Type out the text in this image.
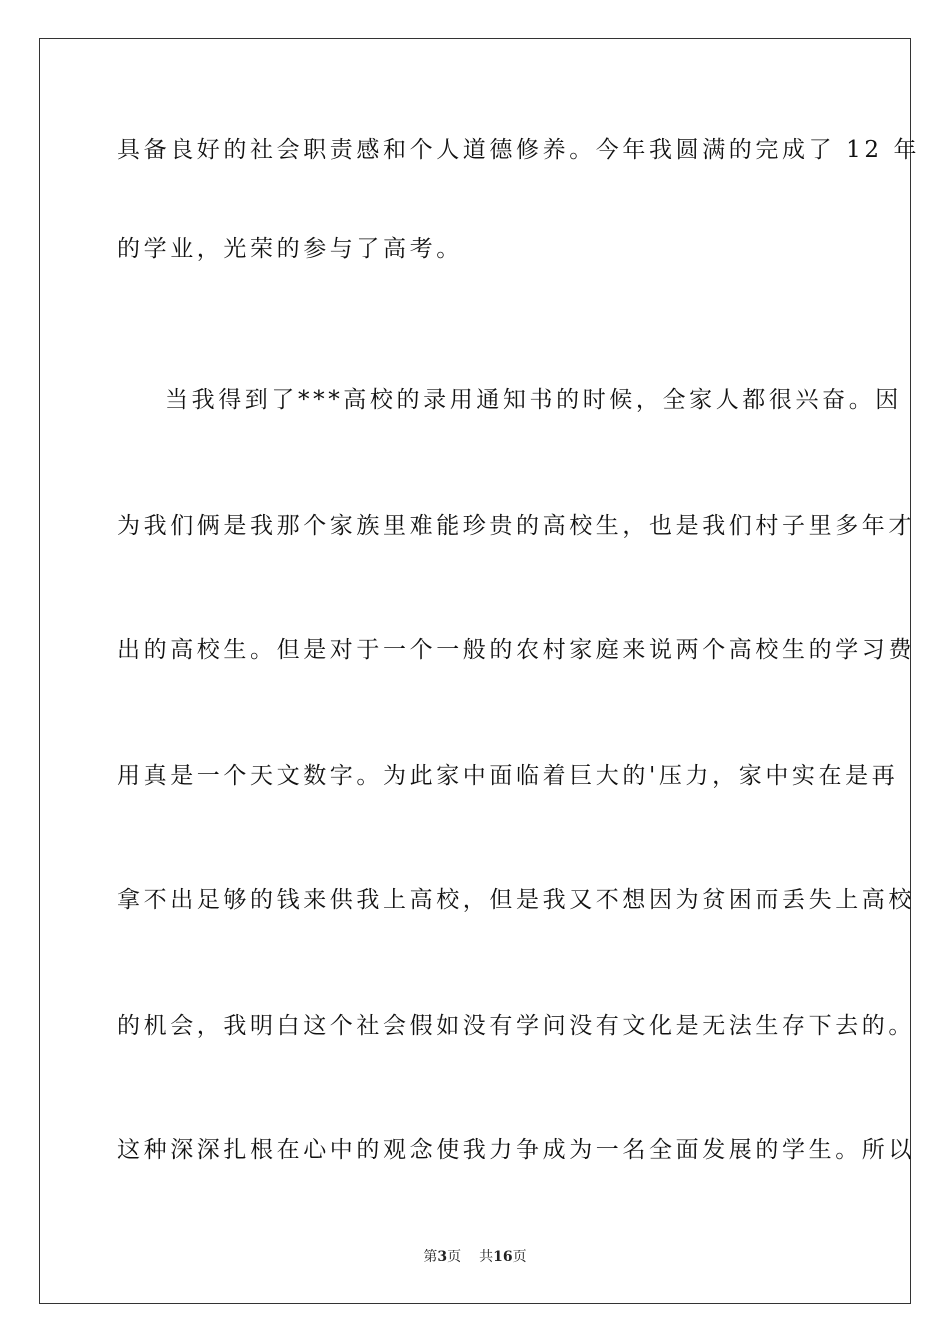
具备良好的社会职责感和个人道德修养。今年我圆满的完成了 12 年
的学业，光荣的参与了高考。
当我得到了***高校的录用通知书的时候，全家人都很兴奋。因
为我们俩是我那个家族里难能珍贵的高校生，也是我们村子里多年才
出的高校生。但是对于一个一般的农村家庭来说两个高校生的学习费
用真是一个天文数字。为此家中面临着巨大的'压力，家中实在是再
拿不出足够的钱来供我上高校，但是我又不想因为贫困而丢失上高校
的机会，我明白这个社会假如没有学问没有文化是无法生存下去的。
这种深深扎根在心中的观念使我力争成为一名全面发展的学生。所以
第3页 共16页
